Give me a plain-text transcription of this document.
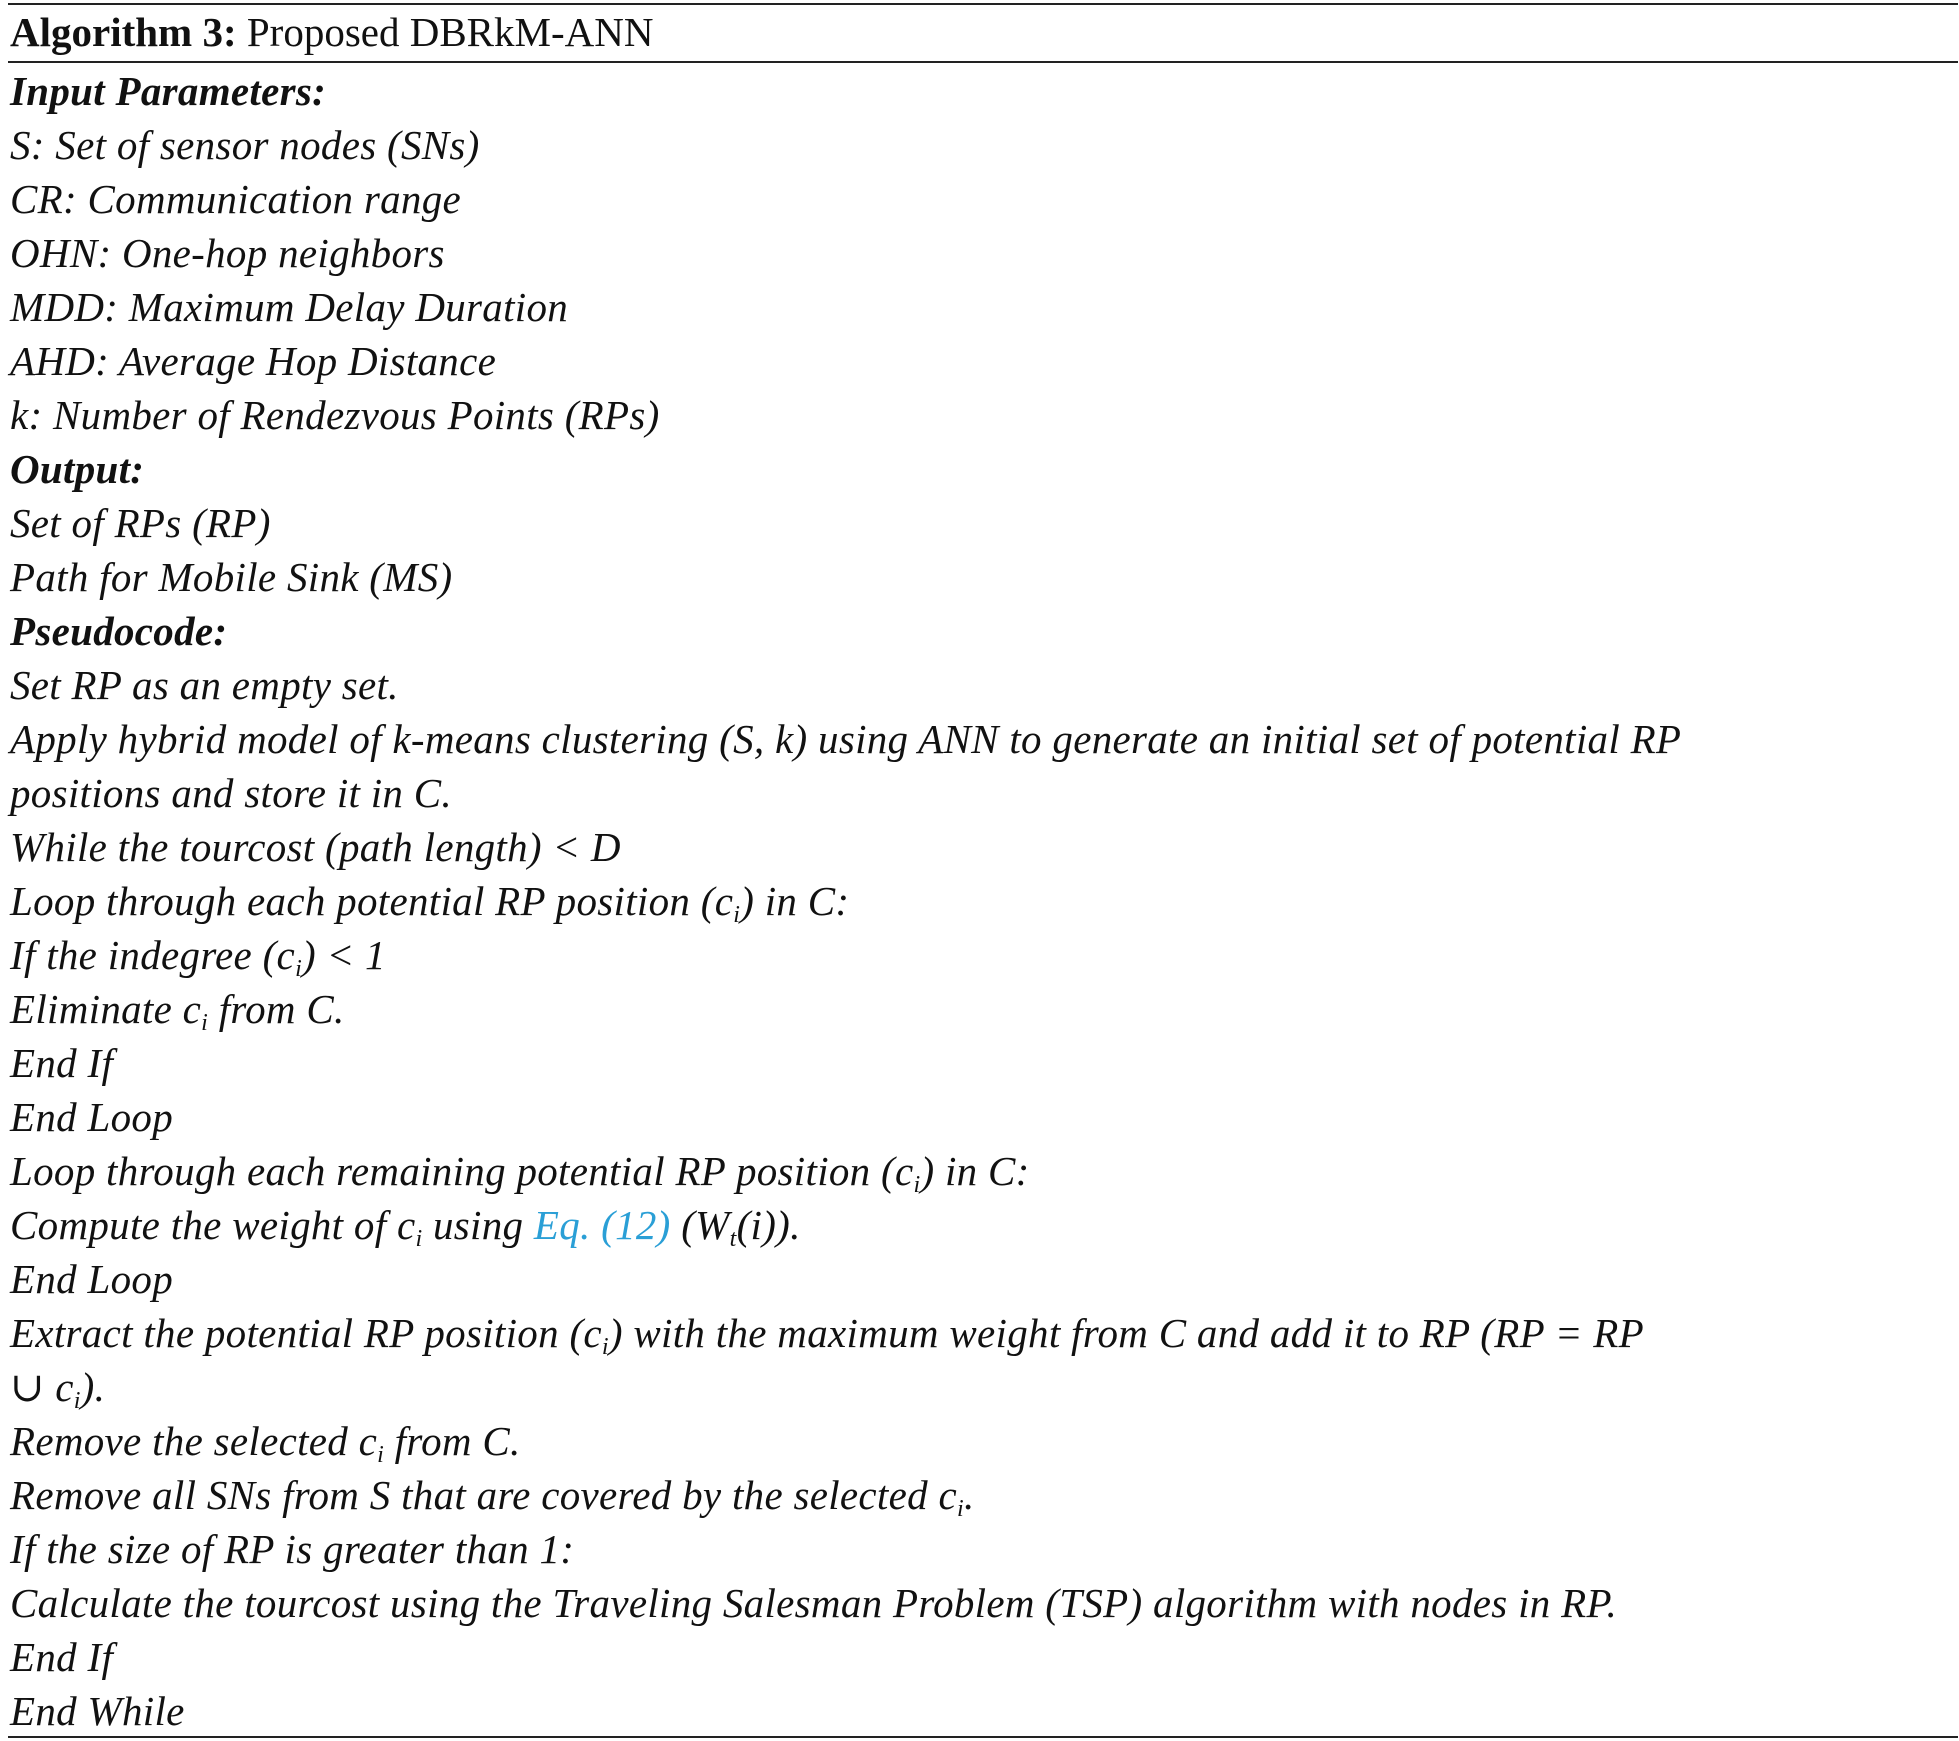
Algorithm 3: Proposed DBRkM-ANN
Input Parameters:
S: Set of sensor nodes (SNs)
CR: Communication range
OHN: One-hop neighbors
MDD: Maximum Delay Duration
AHD: Average Hop Distance
k: Number of Rendezvous Points (RPs)
Output:
Set of RPs (RP)
Path for Mobile Sink (MS)
Pseudocode:
Set RP as an empty set.
Apply hybrid model of k-means clustering (S, k) using ANN to generate an initial set of potential RP
positions and store it in C.
While the tourcost (path length) < D
Loop through each potential RP position (ci) in C:
If the indegree (ci) < 1
Eliminate ci from C.
End If
End Loop
Loop through each remaining potential RP position (ci) in C:
Compute the weight of ci using Eq. (12) (Wt(i)).
End Loop
Extract the potential RP position (ci) with the maximum weight from C and add it to RP (RP = RP
∪ ci).
Remove the selected ci from C.
Remove all SNs from S that are covered by the selected ci.
If the size of RP is greater than 1:
Calculate the tourcost using the Traveling Salesman Problem (TSP) algorithm with nodes in RP.
End If
End While
